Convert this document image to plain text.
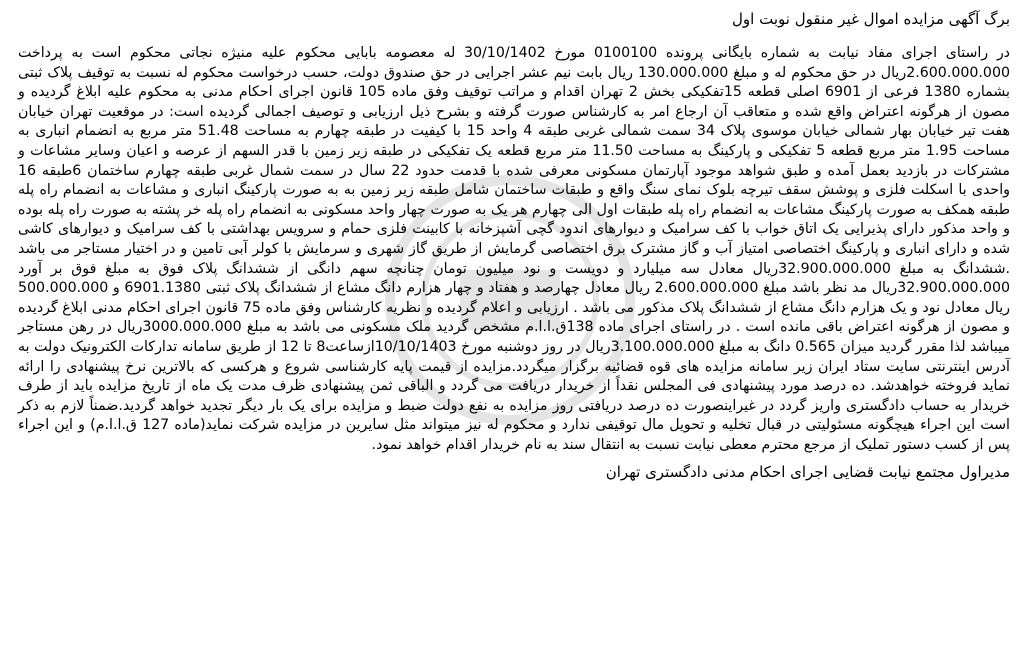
برگ آگهی مزایده اموال غیر منقول نوبت اول

در راستای اجرای مفاد نیابت به شماره بایگانی پرونده 0100100 مورخ 30/10/1402 له معصومه بابایی محکوم علیه منیژه نجاتی محکوم است به پرداخت 2.600.000.000ریال در حق محکوم له و مبلغ 130.000.000 ریال بابت نیم عشر اجرایی در حق صندوق دولت، حسب درخواست محکوم له نسبت به توقیف پلاک ثبتی بشماره 1380 فرعی از 6901 اصلی قطعه 15تفکیکی بخش 2 تهران اقدام و مراتب توقیف وفق ماده 105 قانون اجرای احکام مدنی به محکوم علیه ابلاغ گردیده و مصون از هرگونه اعتراض واقع شده و متعاقب آن ارجاع امر به کارشناس صورت گرفته و بشرح ذیل ارزیابی و توصیف اجمالی گردیده است: در موقعیت تهران خیابان هفت تیر خیابان بهار شمالی خیابان موسوی پلاک 34 سمت شمالی غربی طبقه 4 واحد 15 با کیفیت در طبقه چهارم به مساحت 51.48 متر مربع به انضمام انباری به مساحت 1.95 متر مربع قطعه 5 تفکیکی و پارکینگ به مساحت 11.50 متر مربع قطعه یک تفکیکی در طبقه زیر زمین با قدر السهم از عرصه و اعیان وسایر مشاعات و مشترکات در بازدید بعمل آمده و طبق شواهد موجود آپارتمان مسکونی معرفی شده با قدمت حدود 22 سال در سمت شمال غربی طبقه چهارم ساختمان 6طبقه 16 واحدی با اسکلت فلزی و پوشش سقف تیرچه بلوک نمای سنگ واقع و طبقات ساختمان شامل طبقه زیر زمین به به صورت پارکینگ انباری و مشاعات به انضمام راه پله طبقه همکف به صورت پارکینگ مشاعات به انضمام راه پله طبقات اول الی چهارم هر یک به صورت چهار واحد مسکونی به انضمام راه پله خر پشته به صورت راه پله بوده و واحد مذکور دارای پذیرایی یک اتاق خواب با کف سرامیک و دیوارهای اندود گچی آشپزخانه با کابینت فلزی حمام و سرویس بهداشتی با کف سرامیک و دیوارهای کاشی شده و دارای انباری و پارکینگ اختصاصی امتیاز آب و گاز مشترک برق اختصاصی گرمایش از طریق گاز شهری و سرمایش با کولر آبی تامین و در اختیار مستاجر می باشد .ششدانگ به مبلغ 32.900.000.000ریال معادل سه میلیارد و دویست و نود میلیون تومان چنانچه سهم دانگی از ششدانگ پلاک فوق به مبلغ فوق بر آورد 32.900.000.000ریال مد نظر باشد مبلغ 2.600.000.000 ریال معادل چهارصد و هفتاد و چهار هزارم دانگ مشاع از ششدانگ پلاک ثبتی 6901.1380 و 500.000.000 ریال معادل نود و یک هزارم دانگ مشاع از ششدانگ پلاک مذکور می باشد . ارزیابی و اعلام گردیده و نظریه کارشناس وفق ماده 75 قانون اجرای احکام مدنی ابلاغ گردیده و مصون از هرگونه اعتراض باقی مانده است . در راستای اجرای ماده 138ق.ا.ا.م مشخص گردید ملک مسکونی می باشد به مبلغ 3000.000.000ریال در رهن مستاجر میباشد لذا مقرر گردید میزان 0.565 دانگ به مبلغ 3.100.000.000ریال در روز دوشنبه مورخ 10/10/1403ازساعت8 تا 12 از طریق سامانه تدارکات الکترونیک دولت به آدرس اینترنتی سایت ستاد ایران زیر سامانه مزایده های قوه قضائیه برگزار میگردد.مزایده از قیمت پایه کارشناسی شروع و هرکسی که بالاترین نرخ پیشنهادی را ارائه نماید فروخته خواهدشد. ده درصد مورد پیشنهادی فی المجلس نقداً از خریدار دریافت می گردد و الباقی ثمن پیشنهادی ظرف مدت یک ماه از تاریخ مزایده باید از طرف خریدار به حساب دادگستری واریز گردد در غیراینصورت ده درصد دریافتی روز مزایده به نفع دولت ضبط و مزایده برای یک بار دیگر تجدید خواهد گردید.ضمناً لازم به ذکر است این اجراء هیچگونه مسئولیتی در قبال تخلیه و تحویل مال توقیفی ندارد و محکوم له نیز میتواند مثل سایرین در مزایده شرکت نماید(ماده 127 ق.ا.ا.م) و این اجراء پس از کسب دستور تملیک از مرجع محترم معطی نیابت نسبت به انتقال سند به نام خریدار اقدام خواهد نمود.

مدیراول مجتمع نیابت قضایی اجرای احکام مدنی دادگستری تهران
